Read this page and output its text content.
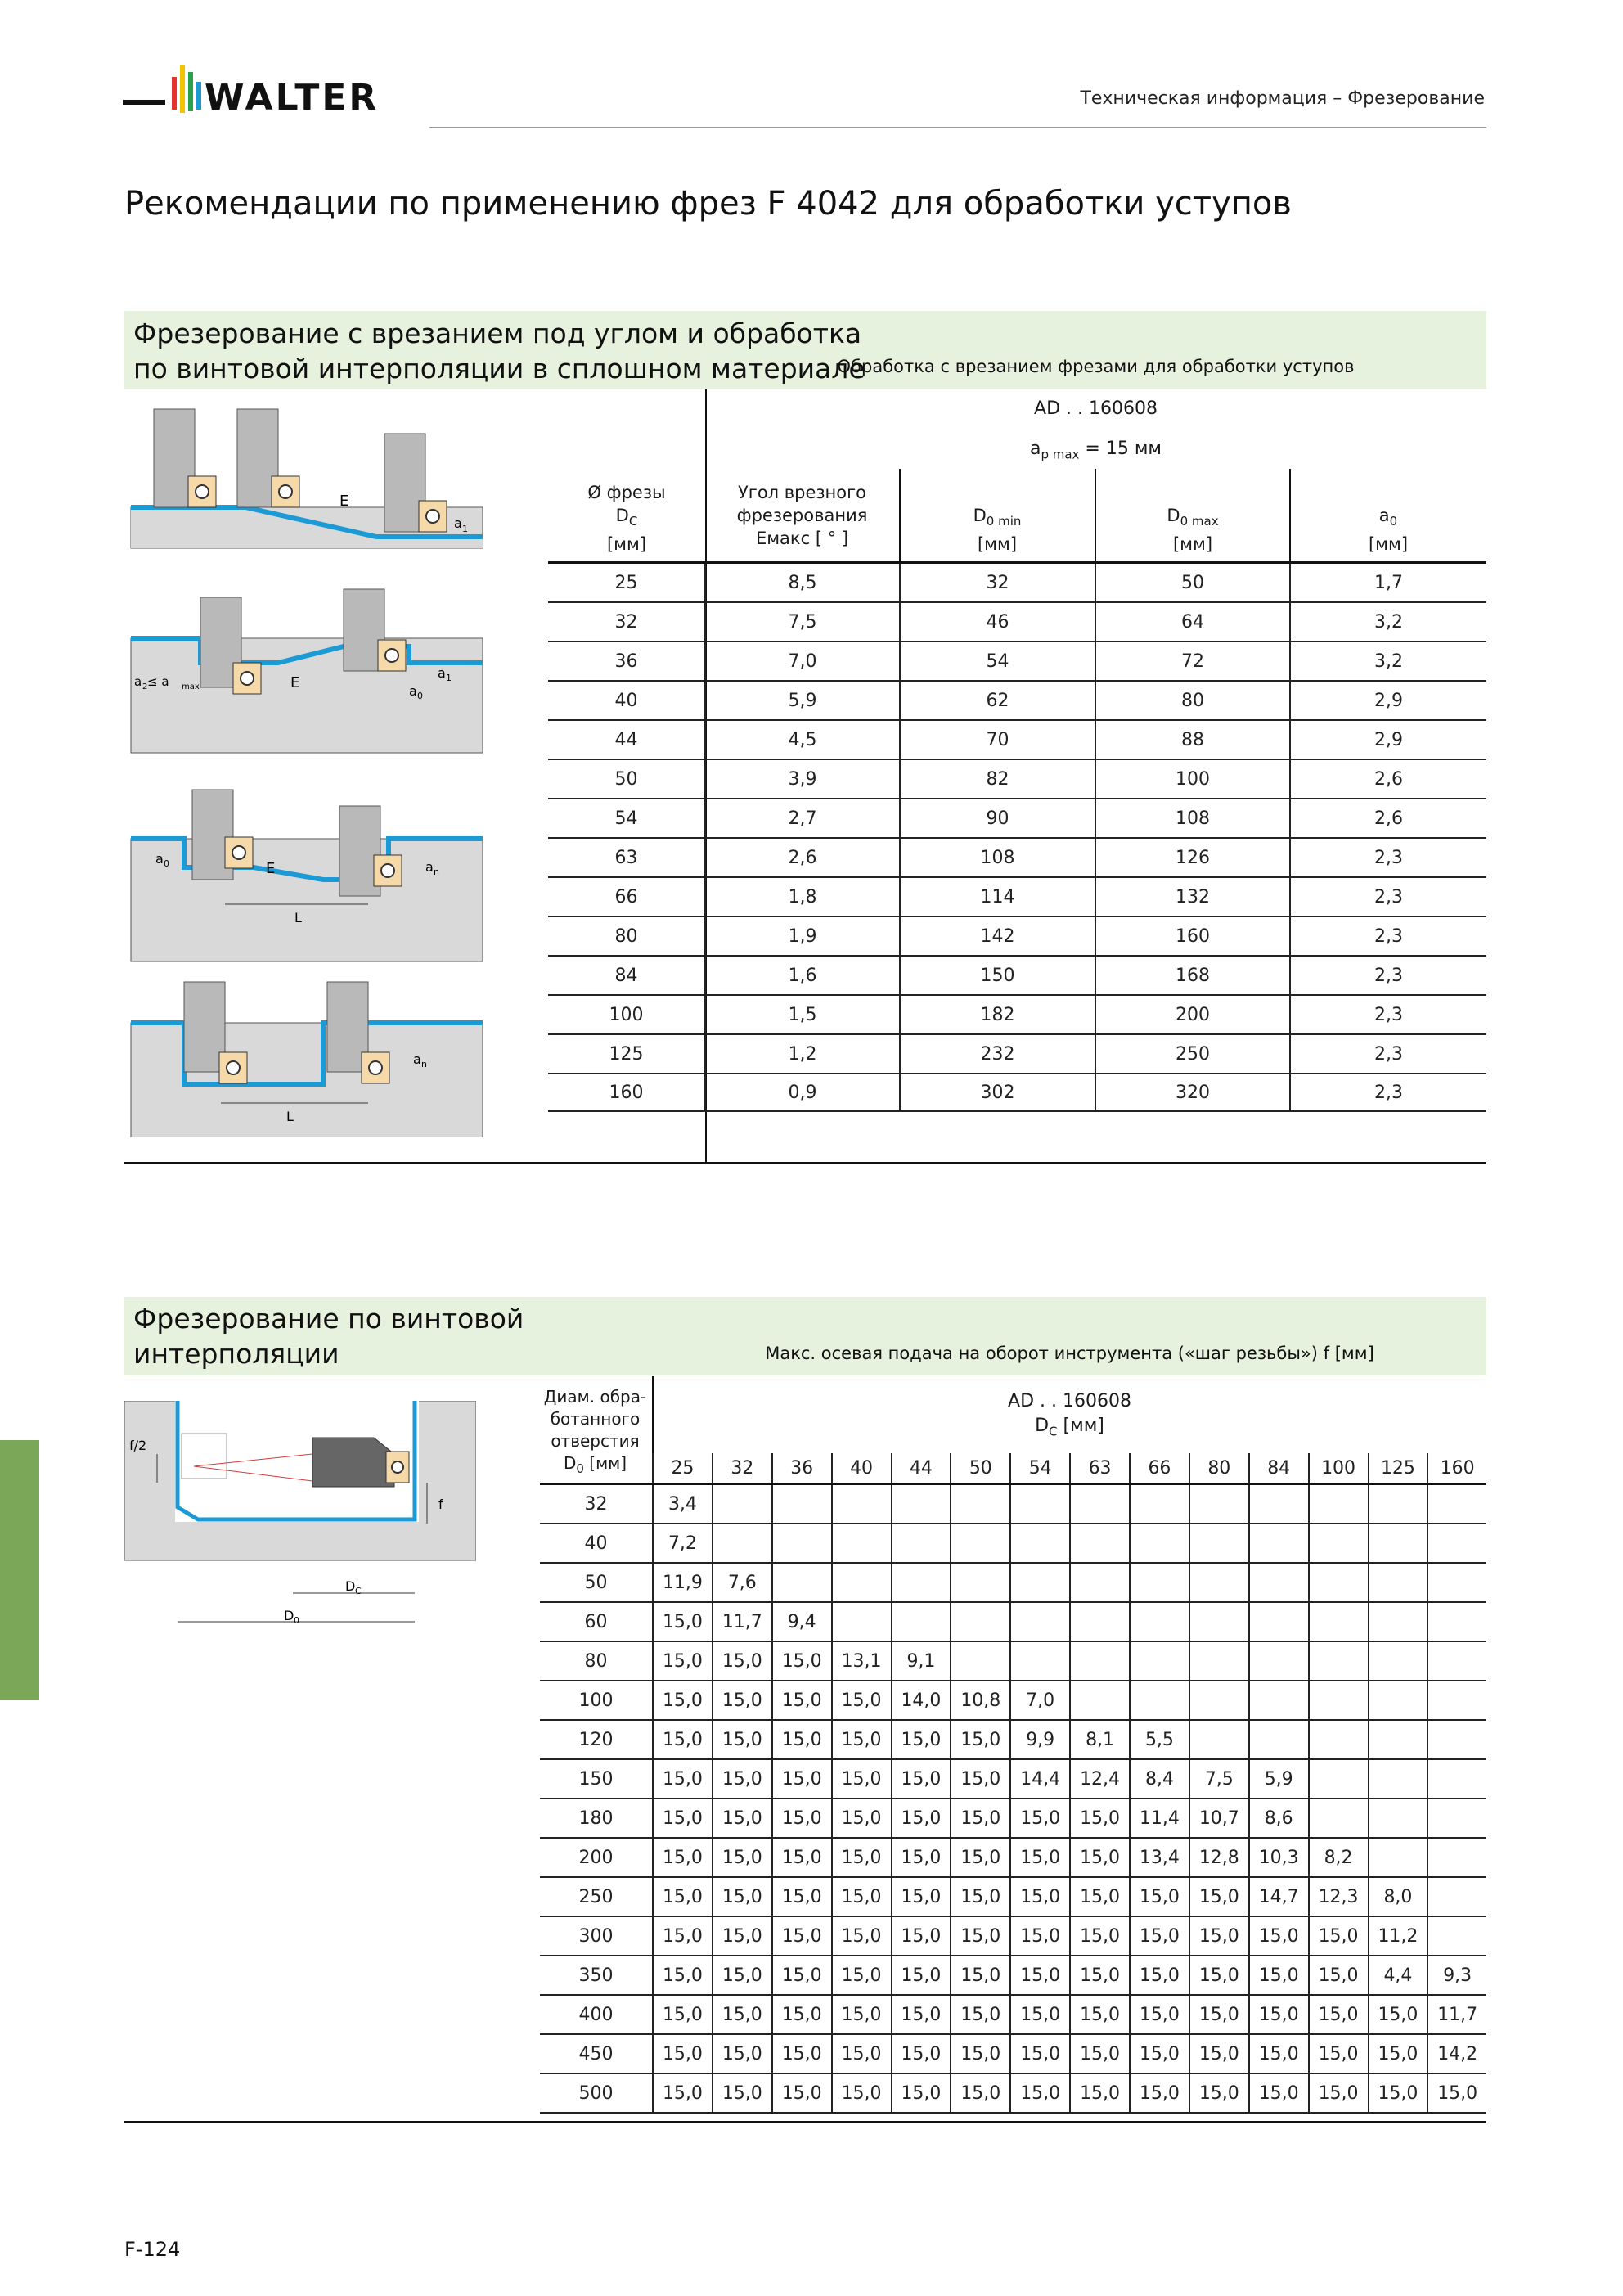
WALTER	Техническая информация – Фрезерование
Рекомендации по применению фрез F 4042 для обработки уступов
Фрезерование с врезанием под углом и обработка
по винтовой интерполяции в сплошном материале
Обработка с врезанием фрезами для обработки уступов
AD . . 160608
$a_{p max} = 15$ мм
Ø фрезы
$D_C$
[мм]
Угол врезного
фрезерования
Eмакс [ ° ]
$D_{0 min}$
[мм]
$D_{0 max}$
[мм]
$a_0$
[мм]
25	8,5	32	50	1,7
32	7,5	46	64	3,2
36	7,0	54	72	3,2
40	5,9	62	80	2,9
44	4,5	70	88	2,9
50	3,9	82	100	2,6
54	2,7	90	108	2,6
63	2,6	108	126	2,3
66	1,8	114	132	2,3
80	1,9	142	160	2,3
84	1,6	150	168	2,3
100	1,5	182	200	2,3
125	1,2	232	250	2,3
160	0,9	302	320	2,3
E
a 1
E
a 2 ≤ a max
a 1
a 0
E
a 0	a n
L
a n
L
Фрезерование по винтовой
интерполяции	Макс. осевая подача на оборот инструмента («шаг резьбы») f [мм]
f/2
f
D C
D 0
Диам. обра-
ботанного
отверстия
$D_0$ [мм]
AD . . 160608
$D_C$ [мм]
	25	32	36	40	44	50	54	63	66	80	84	100	125	160
32	3,4													
40	7,2													
50	11,9	7,6												
60	15,0	11,7	9,4											
80	15,0	15,0	15,0	13,1	9,1									
100	15,0	15,0	15,0	15,0	14,0	10,8	7,0							
120	15,0	15,0	15,0	15,0	15,0	15,0	9,9	8,1	5,5					
150	15,0	15,0	15,0	15,0	15,0	15,0	14,4	12,4	8,4	7,5	5,9			
180	15,0	15,0	15,0	15,0	15,0	15,0	15,0	15,0	11,4	10,7	8,6			
200	15,0	15,0	15,0	15,0	15,0	15,0	15,0	15,0	13,4	12,8	10,3	8,2		
250	15,0	15,0	15,0	15,0	15,0	15,0	15,0	15,0	15,0	15,0	14,7	12,3	8,0	
300	15,0	15,0	15,0	15,0	15,0	15,0	15,0	15,0	15,0	15,0	15,0	15,0	11,2	
350	15,0	15,0	15,0	15,0	15,0	15,0	15,0	15,0	15,0	15,0	15,0	15,0	4,4	9,3
400	15,0	15,0	15,0	15,0	15,0	15,0	15,0	15,0	15,0	15,0	15,0	15,0	15,0	11,7
450	15,0	15,0	15,0	15,0	15,0	15,0	15,0	15,0	15,0	15,0	15,0	15,0	15,0	14,2
500	15,0	15,0	15,0	15,0	15,0	15,0	15,0	15,0	15,0	15,0	15,0	15,0	15,0	15,0
F-124
